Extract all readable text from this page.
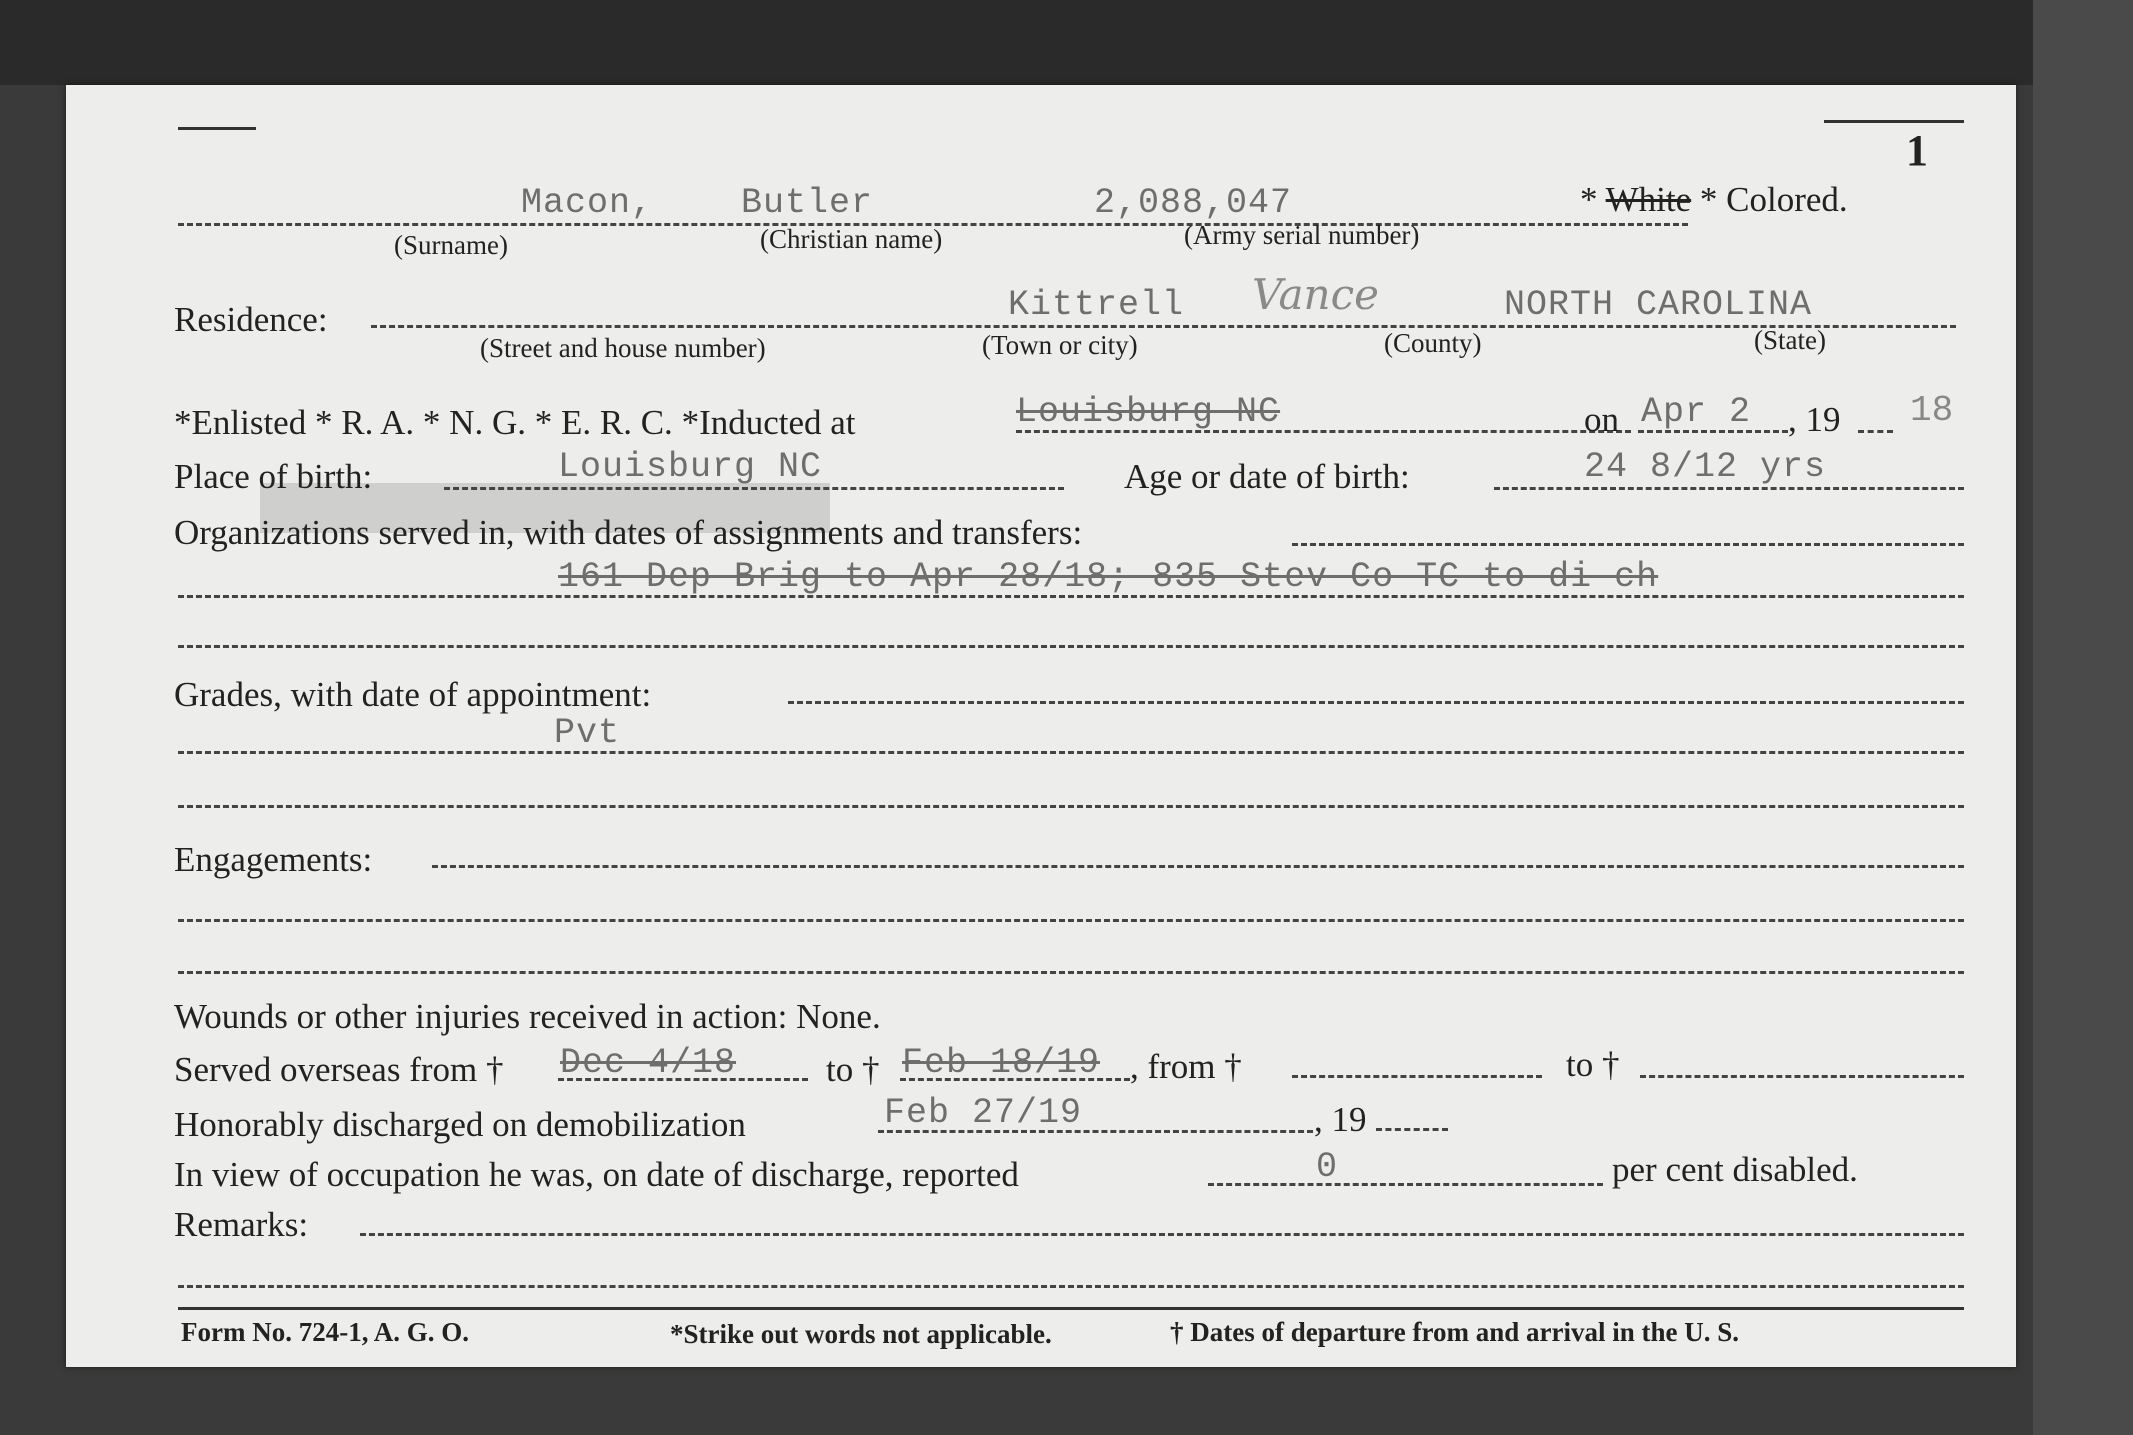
1
Macon,	Butler	2,088,047
(Surname)	(Christian name)	(Army serial number)
* White * Colored.
Residence:	Kittrell Vance	NORTH CAROLINA
(Street and house number)	(Town or city)	(County)	(State)
*Enlisted * R. A. * N. G. * E. R. C. *Inducted at	Louisburg NC	on Apr 2 , 19 18
Place of birth:	Louisburg NC	Age or date of birth:	24 8/12 yrs
Organizations served in, with dates of assignments and transfers:
161 Dep Brig to Apr 28/18; 835 Stev Co TC to di ch
Grades, with date of appointment:
Pvt
Engagements:
Wounds or other injuries received in action: None.
Served overseas from † Dec 4/18	to † Feb 18/19 , from †	to †
Honorably discharged on demobilization	Feb 27/19	, 19
In view of occupation he was, on date of discharge, reported	0	per cent disabled.
Remarks:
Form No. 724-1, A. G. O.	*Strike out words not applicable.	† Dates of departure from and arrival in the U. S.
